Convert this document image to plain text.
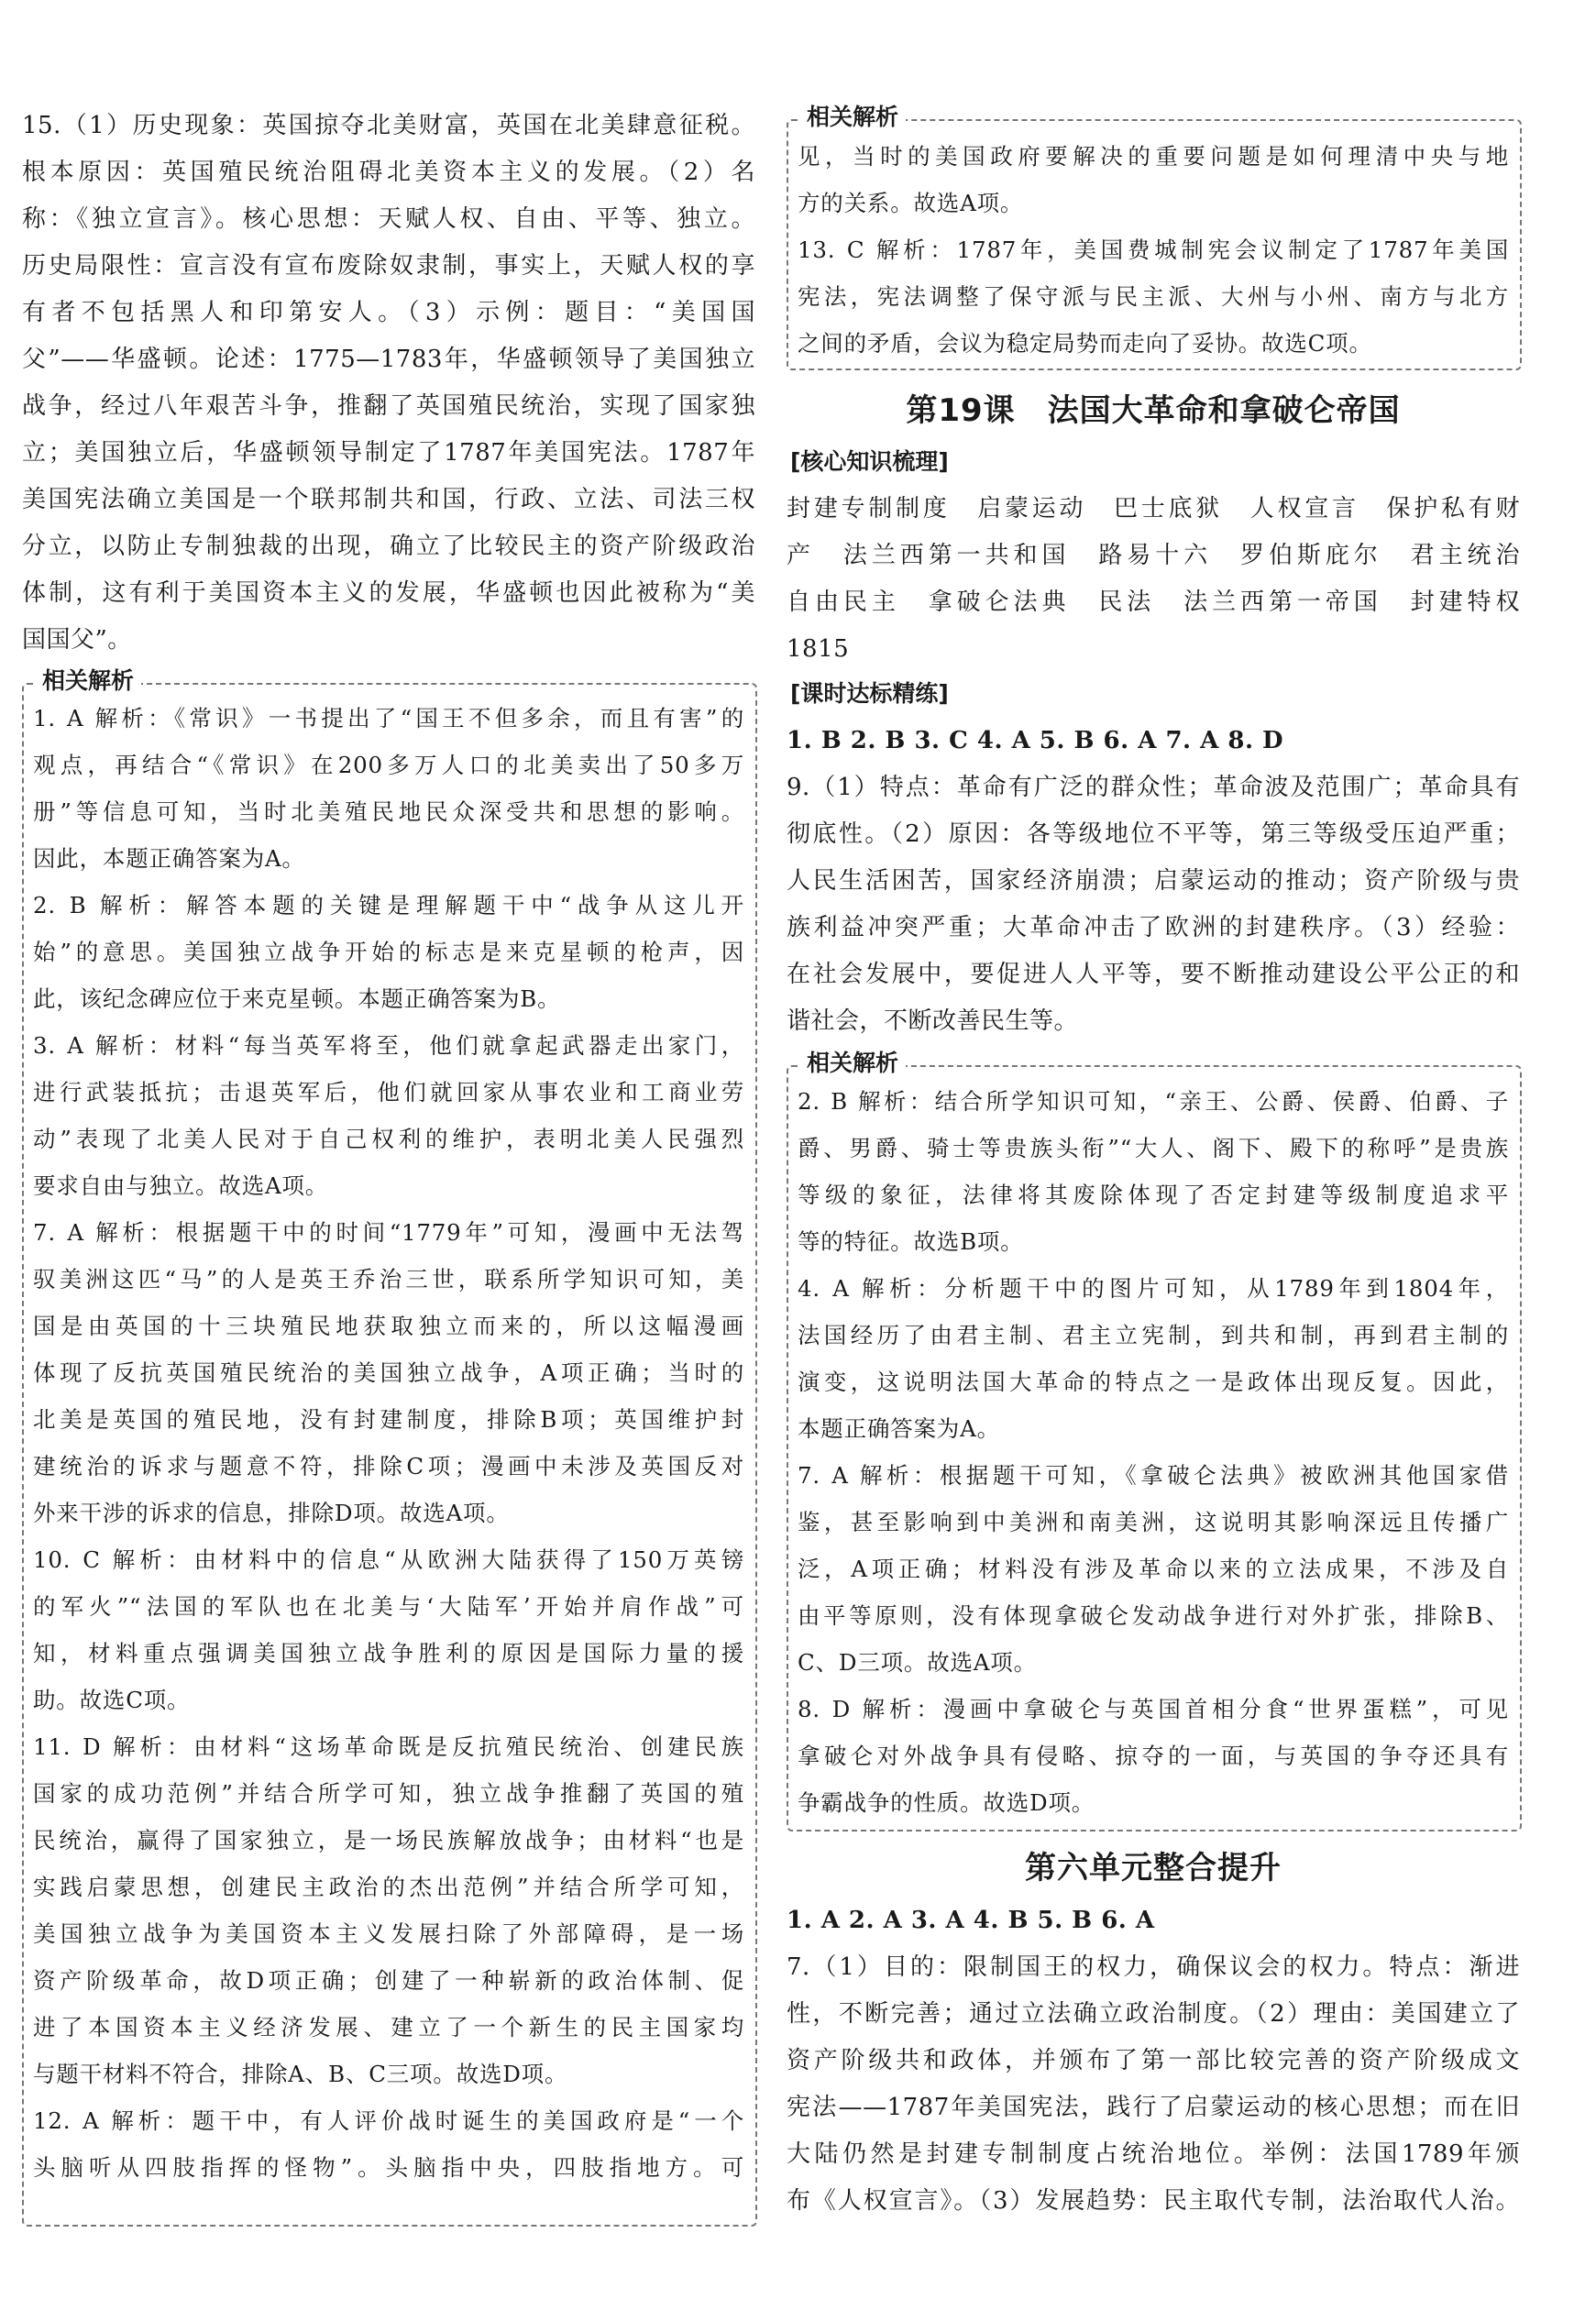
15.（1）历史现象：英国掠夺北美财富，英国在北美肆意征税。
根本原因：英国殖民统治阻碍北美资本主义的发展。（2）名
称：《独立宣言》。核心思想：天赋人权、自由、平等、独立。
历史局限性：宣言没有宣布废除奴隶制，事实上，天赋人权的享
有者不包括黑人和印第安人。（3）示例：题目：“美国国
父”——华盛顿。论述：1775—1783年，华盛顿领导了美国独立
战争，经过八年艰苦斗争，推翻了英国殖民统治，实现了国家独
立；美国独立后，华盛顿领导制定了1787年美国宪法。1787年
美国宪法确立美国是一个联邦制共和国，行政、立法、司法三权
分立，以防止专制独裁的出现，确立了比较民主的资产阶级政治
体制，这有利于美国资本主义的发展，华盛顿也因此被称为“美
国国父”。
相关解析
1. A 解析：《常识》一书提出了“国王不但多余，而且有害”的
观点，再结合“《常识》在200多万人口的北美卖出了50多万
册”等信息可知，当时北美殖民地民众深受共和思想的影响。
因此，本题正确答案为A。
2. B 解析：解答本题的关键是理解题干中“战争从这儿开
始”的意思。美国独立战争开始的标志是来克星顿的枪声，因
此，该纪念碑应位于来克星顿。本题正确答案为B。
3. A 解析：材料“每当英军将至，他们就拿起武器走出家门，
进行武装抵抗；击退英军后，他们就回家从事农业和工商业劳
动”表现了北美人民对于自己权利的维护，表明北美人民强烈
要求自由与独立。故选A项。
7. A 解析：根据题干中的时间“1779年”可知，漫画中无法驾
驭美洲这匹“马”的人是英王乔治三世，联系所学知识可知，美
国是由英国的十三块殖民地获取独立而来的，所以这幅漫画
体现了反抗英国殖民统治的美国独立战争，A项正确；当时的
北美是英国的殖民地，没有封建制度，排除B项；英国维护封
建统治的诉求与题意不符，排除C项；漫画中未涉及英国反对
外来干涉的诉求的信息，排除D项。故选A项。
10. C 解析：由材料中的信息“从欧洲大陆获得了150万英镑
的军火”“法国的军队也在北美与‘大陆军’开始并肩作战”可
知，材料重点强调美国独立战争胜利的原因是国际力量的援
助。故选C项。
11. D 解析：由材料“这场革命既是反抗殖民统治、创建民族
国家的成功范例”并结合所学可知，独立战争推翻了英国的殖
民统治，赢得了国家独立，是一场民族解放战争；由材料“也是
实践启蒙思想，创建民主政治的杰出范例”并结合所学可知，
美国独立战争为美国资本主义发展扫除了外部障碍，是一场
资产阶级革命，故D项正确；创建了一种崭新的政治体制、促
进了本国资本主义经济发展、建立了一个新生的民主国家均
与题干材料不符合，排除A、B、C三项。故选D项。
12. A 解析：题干中，有人评价战时诞生的美国政府是“一个
头脑听从四肢指挥的怪物”。头脑指中央，四肢指地方。可
相关解析
见，当时的美国政府要解决的重要问题是如何理清中央与地
方的关系。故选A项。
13. C 解析：1787年，美国费城制宪会议制定了1787年美国
宪法，宪法调整了保守派与民主派、大州与小州、南方与北方
之间的矛盾，会议为稳定局势而走向了妥协。故选C项。
第19课　法国大革命和拿破仑帝国
[核心知识梳理]
封建专制制度　启蒙运动　巴士底狱　人权宣言　保护私有财
产　法兰西第一共和国　路易十六　罗伯斯庇尔　君主统治
自由民主　拿破仑法典　民法　法兰西第一帝国　封建特权
1815
[课时达标精练]
1. B 2. B 3. C 4. A 5. B 6. A 7. A 8. D
9.（1）特点：革命有广泛的群众性；革命波及范围广；革命具有
彻底性。（2）原因：各等级地位不平等，第三等级受压迫严重；
人民生活困苦，国家经济崩溃；启蒙运动的推动；资产阶级与贵
族利益冲突严重；大革命冲击了欧洲的封建秩序。（3）经验：
在社会发展中，要促进人人平等，要不断推动建设公平公正的和
谐社会，不断改善民生等。
相关解析
2. B 解析：结合所学知识可知，“亲王、公爵、侯爵、伯爵、子
爵、男爵、骑士等贵族头衔”“大人、阁下、殿下的称呼”是贵族
等级的象征，法律将其废除体现了否定封建等级制度追求平
等的特征。故选B项。
4. A 解析：分析题干中的图片可知，从1789年到1804年，
法国经历了由君主制、君主立宪制，到共和制，再到君主制的
演变，这说明法国大革命的特点之一是政体出现反复。因此，
本题正确答案为A。
7. A 解析：根据题干可知，《拿破仑法典》被欧洲其他国家借
鉴，甚至影响到中美洲和南美洲，这说明其影响深远且传播广
泛，A项正确；材料没有涉及革命以来的立法成果，不涉及自
由平等原则，没有体现拿破仑发动战争进行对外扩张，排除B、
C、D三项。故选A项。
8. D 解析：漫画中拿破仑与英国首相分食“世界蛋糕”，可见
拿破仑对外战争具有侵略、掠夺的一面，与英国的争夺还具有
争霸战争的性质。故选D项。
第六单元整合提升
1. A 2. A 3. A 4. B 5. B 6. A
7.（1）目的：限制国王的权力，确保议会的权力。特点：渐进
性，不断完善；通过立法确立政治制度。（2）理由：美国建立了
资产阶级共和政体，并颁布了第一部比较完善的资产阶级成文
宪法——1787年美国宪法，践行了启蒙运动的核心思想；而在旧
大陆仍然是封建专制制度占统治地位。举例：法国1789年颁
布《人权宣言》。（3）发展趋势：民主取代专制，法治取代人治。
